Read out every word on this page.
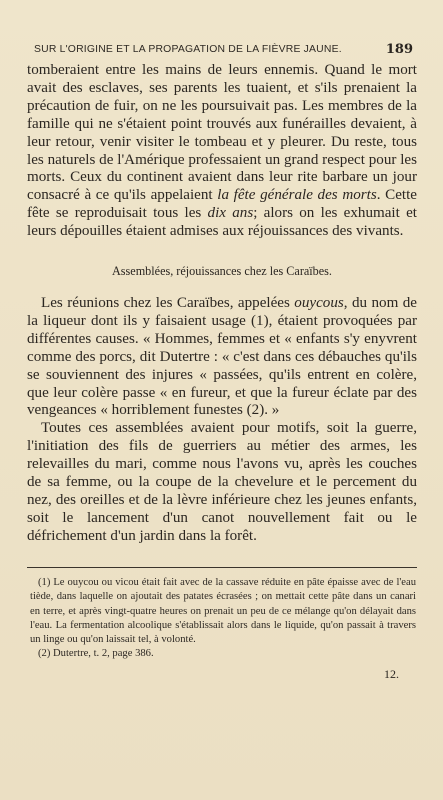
SUR L'ORIGINE ET LA PROPAGATION DE LA FIÈVRE JAUNE.	189

tomberaient entre les mains de leurs ennemis. Quand le mort avait des esclaves, ses parents les tuaient, et s'ils prenaient la précaution de fuir, on ne les poursuivait pas. Les membres de la famille qui ne s'étaient point trouvés aux funérailles devaient, à leur retour, venir visiter le tombeau et y pleurer. Du reste, tous les naturels de l'Amérique professaient un grand respect pour les morts. Ceux du continent avaient dans leur rite barbare un jour consacré à ce qu'ils appelaient la fête générale des morts. Cette fête se reproduisait tous les dix ans; alors on les exhumait et leurs dépouilles étaient admises aux réjouissances des vivants.

Assemblées, réjouissances chez les Caraïbes.

Les réunions chez les Caraïbes, appelées ouycous, du nom de la liqueur dont ils y faisaient usage (1), étaient provoquées par différentes causes. « Hommes, femmes et « enfants s'y enyvrent comme des porcs, dit Dutertre : « c'est dans ces débauches qu'ils se souviennent des injures « passées, qu'ils entrent en colère, que leur colère passe « en fureur, et que la fureur éclate par des vengeances « horriblement funestes (2). »

Toutes ces assemblées avaient pour motifs, soit la guerre, l'initiation des fils de guerriers au métier des armes, les relevailles du mari, comme nous l'avons vu, après les couches de sa femme, ou la coupe de la chevelure et le percement du nez, des oreilles et de la lèvre inférieure chez les jeunes enfants, soit le lancement d'un canot nouvellement fait ou le défrichement d'un jardin dans la forêt.

(1) Le ouycou ou vicou était fait avec de la cassave réduite en pâte épaisse avec de l'eau tiède, dans laquelle on ajoutait des patates écrasées ; on mettait cette pâte dans un canari en terre, et après vingt-quatre heures on prenait un peu de ce mélange qu'on délayait dans l'eau. La fermentation alcoolique s'établissait alors dans le liquide, qu'on passait à travers un linge ou qu'on laissait tel, à volonté.

(2) Dutertre, t. 2, page 386.

12.
